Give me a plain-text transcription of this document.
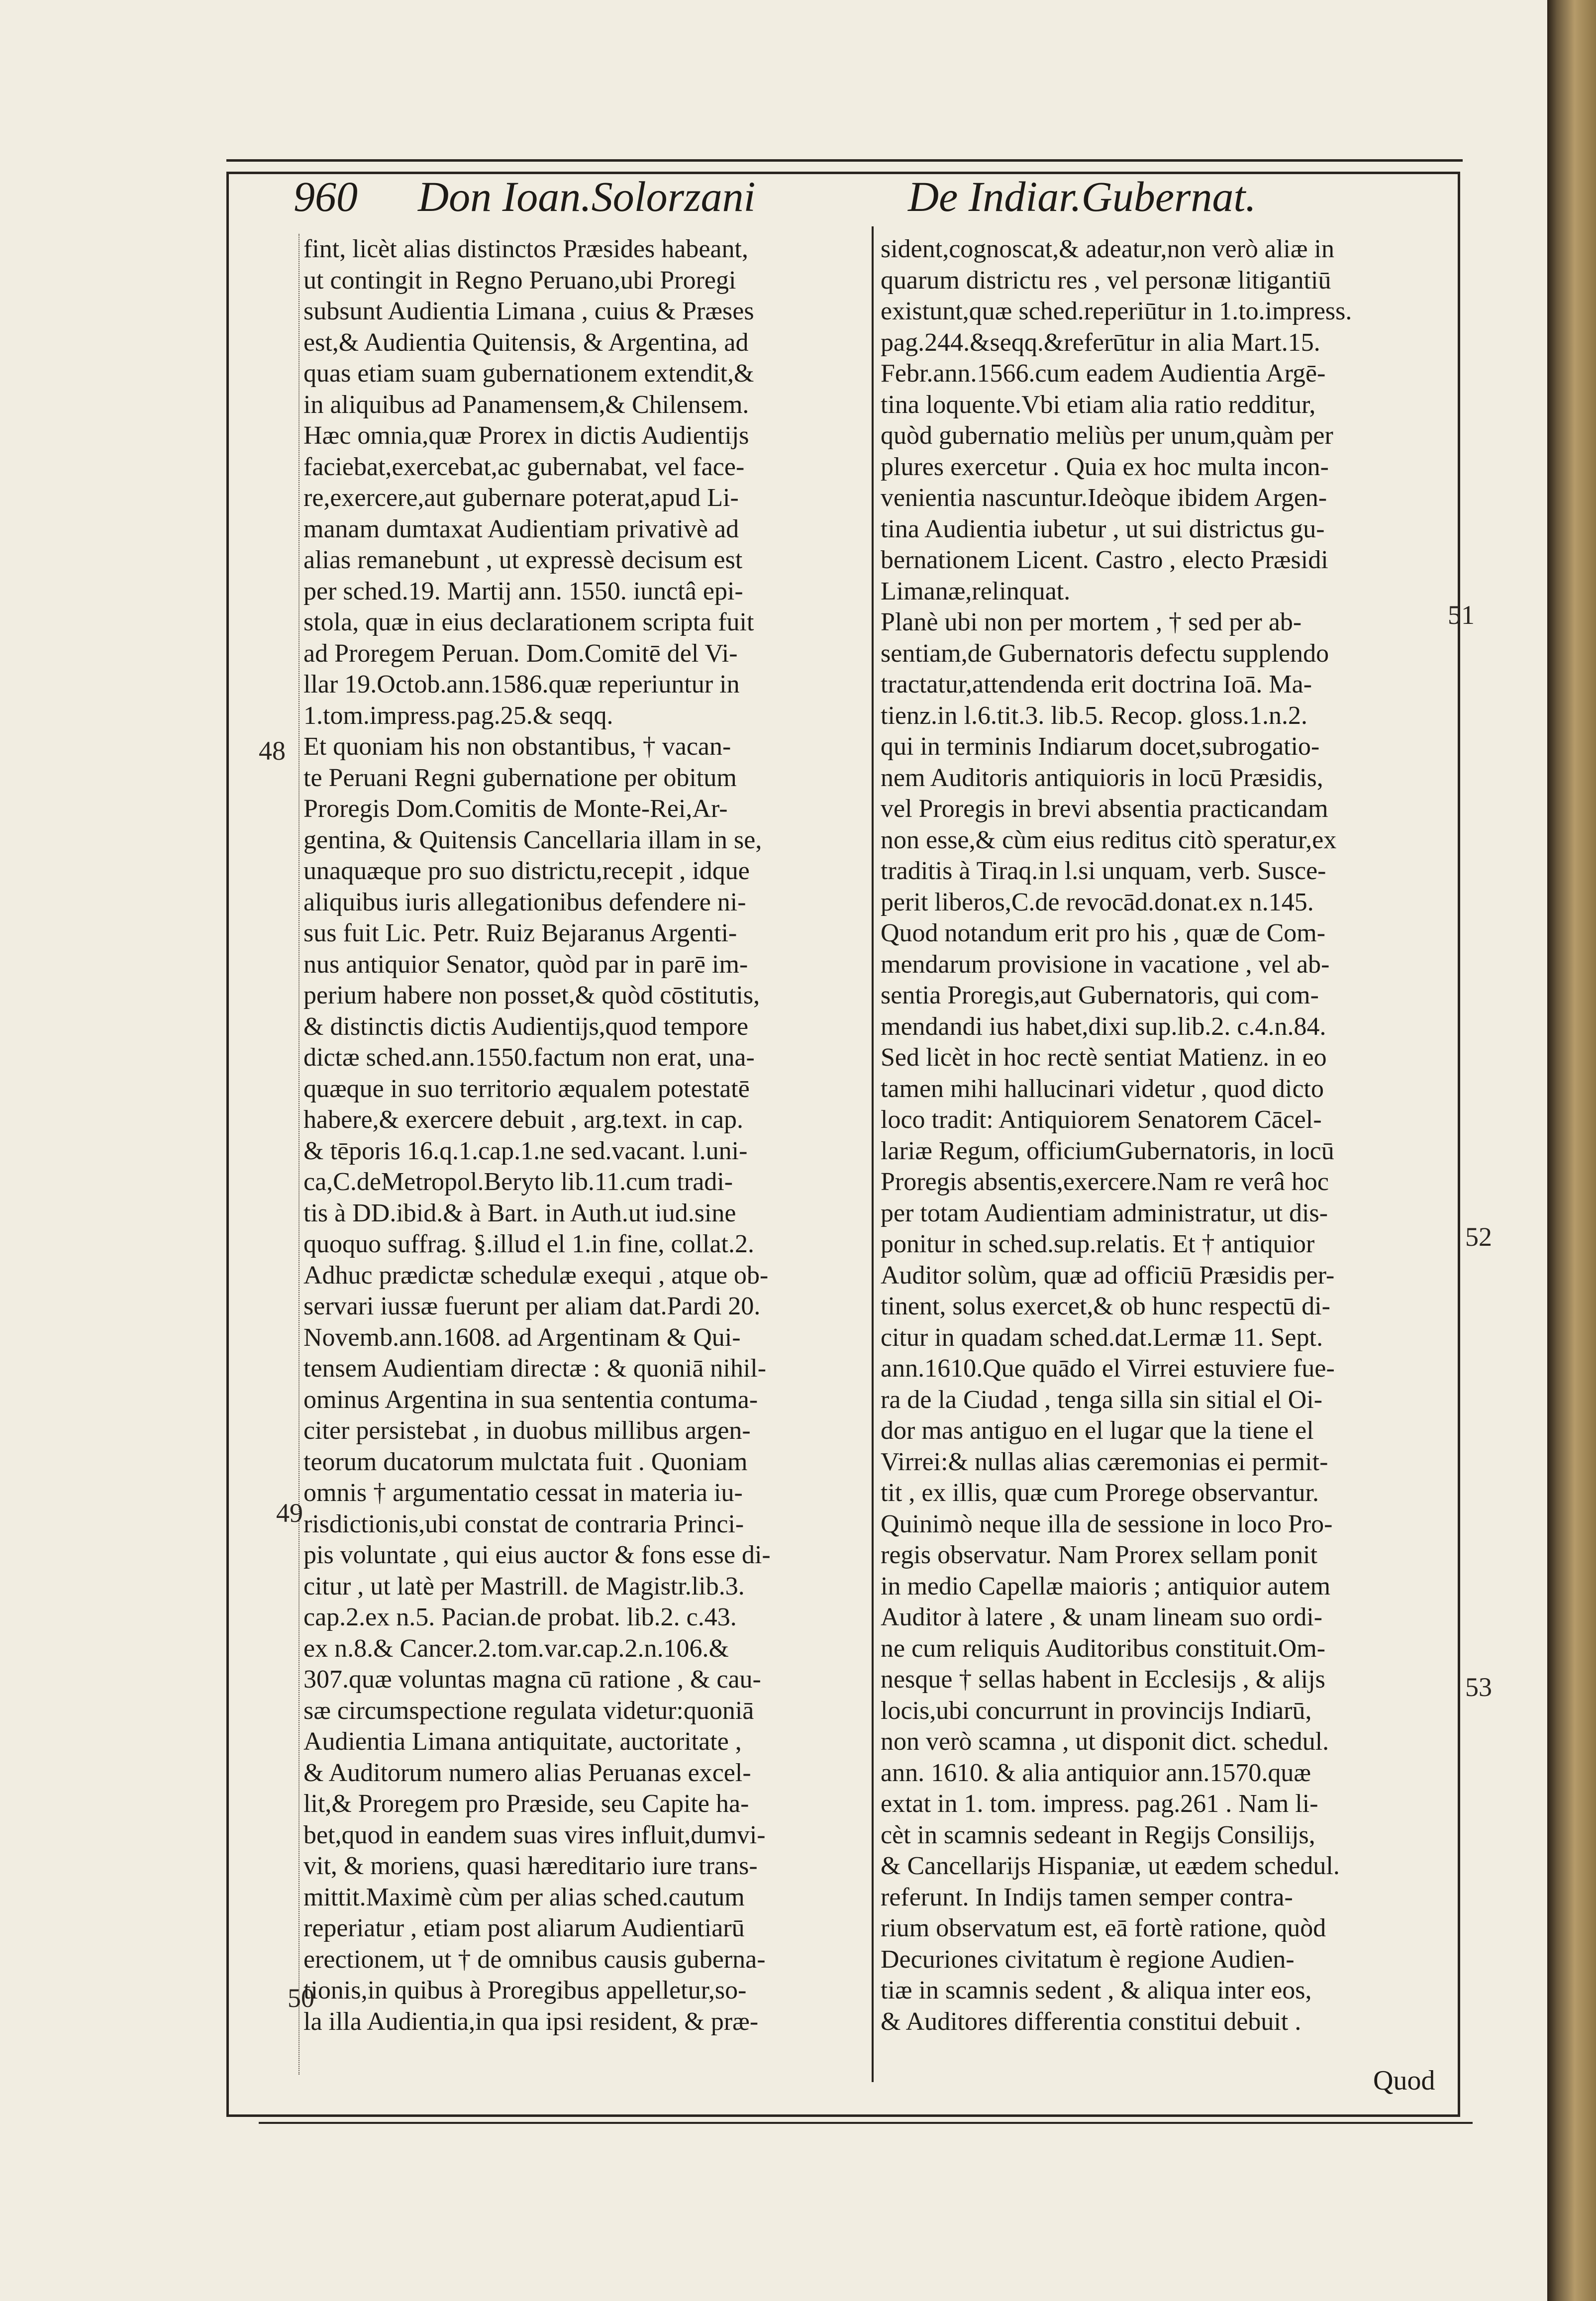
960 Don Ioan.Solorzani	De Indiar.Gubernat.
fint, licèt alias distinctos Præsides habeant,
ut contingit in Regno Peruano,ubi Proregi
subsunt Audientia Limana , cuius & Præses
est,& Audientia Quitensis, & Argentina, ad
quas etiam suam gubernationem extendit,&
in aliquibus ad Panamensem,& Chilensem.
Hæc omnia,quæ Prorex in dictis Audientijs
faciebat,exercebat,ac gubernabat, vel face-
re,exercere,aut gubernare poterat,apud Li-
manam dumtaxat Audientiam privativè ad
alias remanebunt , ut expressè decisum est
per sched.19. Martij ann. 1550. iunctâ epi-
stola, quæ in eius declarationem scripta fuit
ad Proregem Peruan. Dom.Comitē del Vi-
llar 19.Octob.ann.1586.quæ reperiuntur in
1.tom.impress.pag.25.& seqq.
Et quoniam his non obstantibus, † vacan-
te Peruani Regni gubernatione per obitum
Proregis Dom.Comitis de Monte-Rei,Ar-
gentina, & Quitensis Cancellaria illam in se,
unaquæque pro suo districtu,recepit , idque
aliquibus iuris allegationibus defendere ni-
sus fuit Lic. Petr. Ruiz Bejaranus Argenti-
nus antiquior Senator, quòd par in parē im-
perium habere non posset,& quòd cōstitutis,
& distinctis dictis Audientijs,quod tempore
dictæ sched.ann.1550.factum non erat, una-
quæque in suo territorio æqualem potestatē
habere,& exercere debuit , arg.text. in cap.
& tēporis 16.q.1.cap.1.ne sed.vacant. l.uni-
ca,C.deMetropol.Beryto lib.11.cum tradi-
tis à DD.ibid.& à Bart. in Auth.ut iud.sine
quoquo suffrag. §.illud el 1.in fine, collat.2.
Adhuc prædictæ schedulæ exequi , atque ob-
servari iussæ fuerunt per aliam dat.Pardi 20.
Novemb.ann.1608. ad Argentinam & Qui-
tensem Audientiam directæ : & quoniā nihil-
ominus Argentina in sua sententia contuma-
citer persistebat , in duobus millibus argen-
teorum ducatorum mulctata fuit . Quoniam
omnis † argumentatio cessat in materia iu-
risdictionis,ubi constat de contraria Princi-
pis voluntate , qui eius auctor & fons esse di-
citur , ut latè per Mastrill. de Magistr.lib.3.
cap.2.ex n.5. Pacian.de probat. lib.2. c.43.
ex n.8.& Cancer.2.tom.var.cap.2.n.106.&
307.quæ voluntas magna cū ratione , & cau-
sæ circumspectione regulata videtur:quoniā
Audientia Limana antiquitate, auctoritate ,
& Auditorum numero alias Peruanas excel-
lit,& Proregem pro Præside, seu Capite ha-
bet,quod in eandem suas vires influit,dumvi-
vit, & moriens, quasi hæreditario iure trans-
mittit.Maximè cùm per alias sched.cautum
reperiatur , etiam post aliarum Audientiarū
erectionem, ut † de omnibus causis guberna-
tionis,in quibus à Proregibus appelletur,so-
la illa Audientia,in qua ipsi resident, & præ-
sident,cognoscat,& adeatur,non verò aliæ in
quarum districtu res , vel personæ litigantiū
existunt,quæ sched.reperiūtur in 1.to.impress.
pag.244.&seqq.&referūtur in alia Mart.15.
Febr.ann.1566.cum eadem Audientia Argē-
tina loquente.Vbi etiam alia ratio redditur,
quòd gubernatio meliùs per unum,quàm per
plures exercetur . Quia ex hoc multa incon-
venientia nascuntur.Ideòque ibidem Argen-
tina Audientia iubetur , ut sui districtus gu-
bernationem Licent. Castro , electo Præsidi
Limanæ,relinquat.
Planè ubi non per mortem , † sed per ab-
sentiam,de Gubernatoris defectu supplendo
tractatur,attendenda erit doctrina Ioā. Ma-
tienz.in l.6.tit.3. lib.5. Recop. gloss.1.n.2.
qui in terminis Indiarum docet,subrogatio-
nem Auditoris antiquioris in locū Præsidis,
vel Proregis in brevi absentia practicandam
non esse,& cùm eius reditus citò speratur,ex
traditis à Tiraq.in l.si unquam, verb. Susce-
perit liberos,C.de revocād.donat.ex n.145.
Quod notandum erit pro his , quæ de Com-
mendarum provisione in vacatione , vel ab-
sentia Proregis,aut Gubernatoris, qui com-
mendandi ius habet,dixi sup.lib.2. c.4.n.84.
Sed licèt in hoc rectè sentiat Matienz. in eo
tamen mihi hallucinari videtur , quod dicto
loco tradit: Antiquiorem Senatorem Cācel-
lariæ Regum, officiumGubernatoris, in locū
Proregis absentis,exercere.Nam re verâ hoc
per totam Audientiam administratur, ut dis-
ponitur in sched.sup.relatis. Et † antiquior
Auditor solùm, quæ ad officiū Præsidis per-
tinent, solus exercet,& ob hunc respectū di-
citur in quadam sched.dat.Lermæ 11. Sept.
ann.1610.Que quādo el Virrei estuviere fue-
ra de la Ciudad , tenga silla sin sitial el Oi-
dor mas antiguo en el lugar que la tiene el
Virrei:& nullas alias cæremonias ei permit-
tit , ex illis, quæ cum Prorege observantur.
Quinimò neque illa de sessione in loco Pro-
regis observatur. Nam Prorex sellam ponit
in medio Capellæ maioris ; antiquior autem
Auditor à latere , & unam lineam suo ordi-
ne cum reliquis Auditoribus constituit.Om-
nesque † sellas habent in Ecclesijs , & alijs
locis,ubi concurrunt in provincijs Indiarū,
non verò scamna , ut disponit dict. schedul.
ann. 1610. & alia antiquior ann.1570.quæ
extat in 1. tom. impress. pag.261 . Nam li-
cèt in scamnis sedeant in Regijs Consilijs,
& Cancellarijs Hispaniæ, ut eædem schedul.
referunt. In Indijs tamen semper contra-
rium observatum est, eā fortè ratione, quòd
Decuriones civitatum è regione Audien-
tiæ in scamnis sedent , & aliqua inter eos,
& Auditores differentia constitui debuit .
48
49
50
51
52
53
Quod
